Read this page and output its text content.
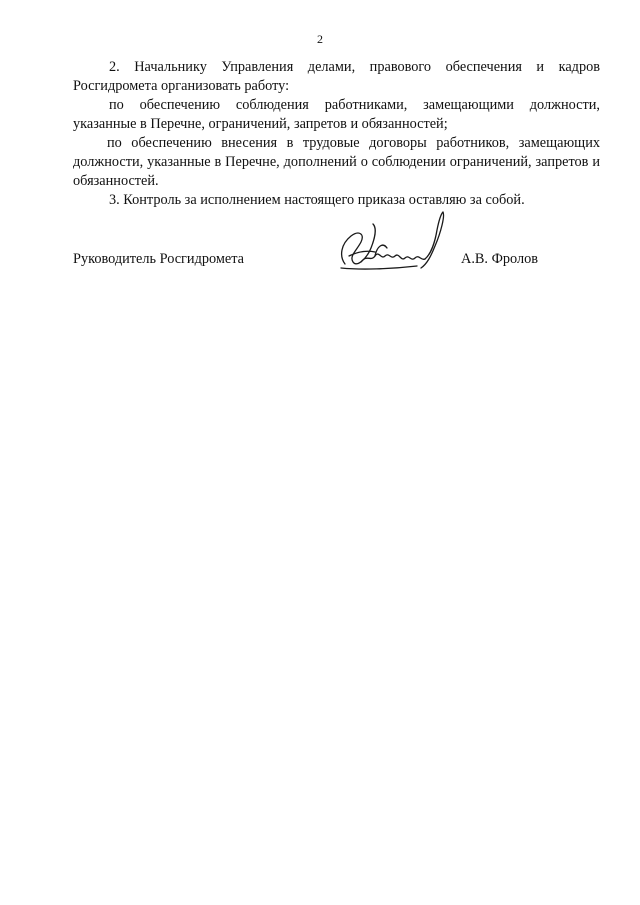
2

2. Начальнику Управления делами, правового обеспечения и кадров Росгидромета организовать работу:

по обеспечению соблюдения работниками, замещающими должности, указанные в Перечне, ограничений, запретов и обязанностей;

по обеспечению внесения в трудовые договоры работников, замещающих должности, указанные в Перечне, дополнений о соблюдении ограничений, запретов и обязанностей.

3. Контроль за исполнением настоящего приказа оставляю за собой.

Руководитель Росгидромета	А.В. Фролов
